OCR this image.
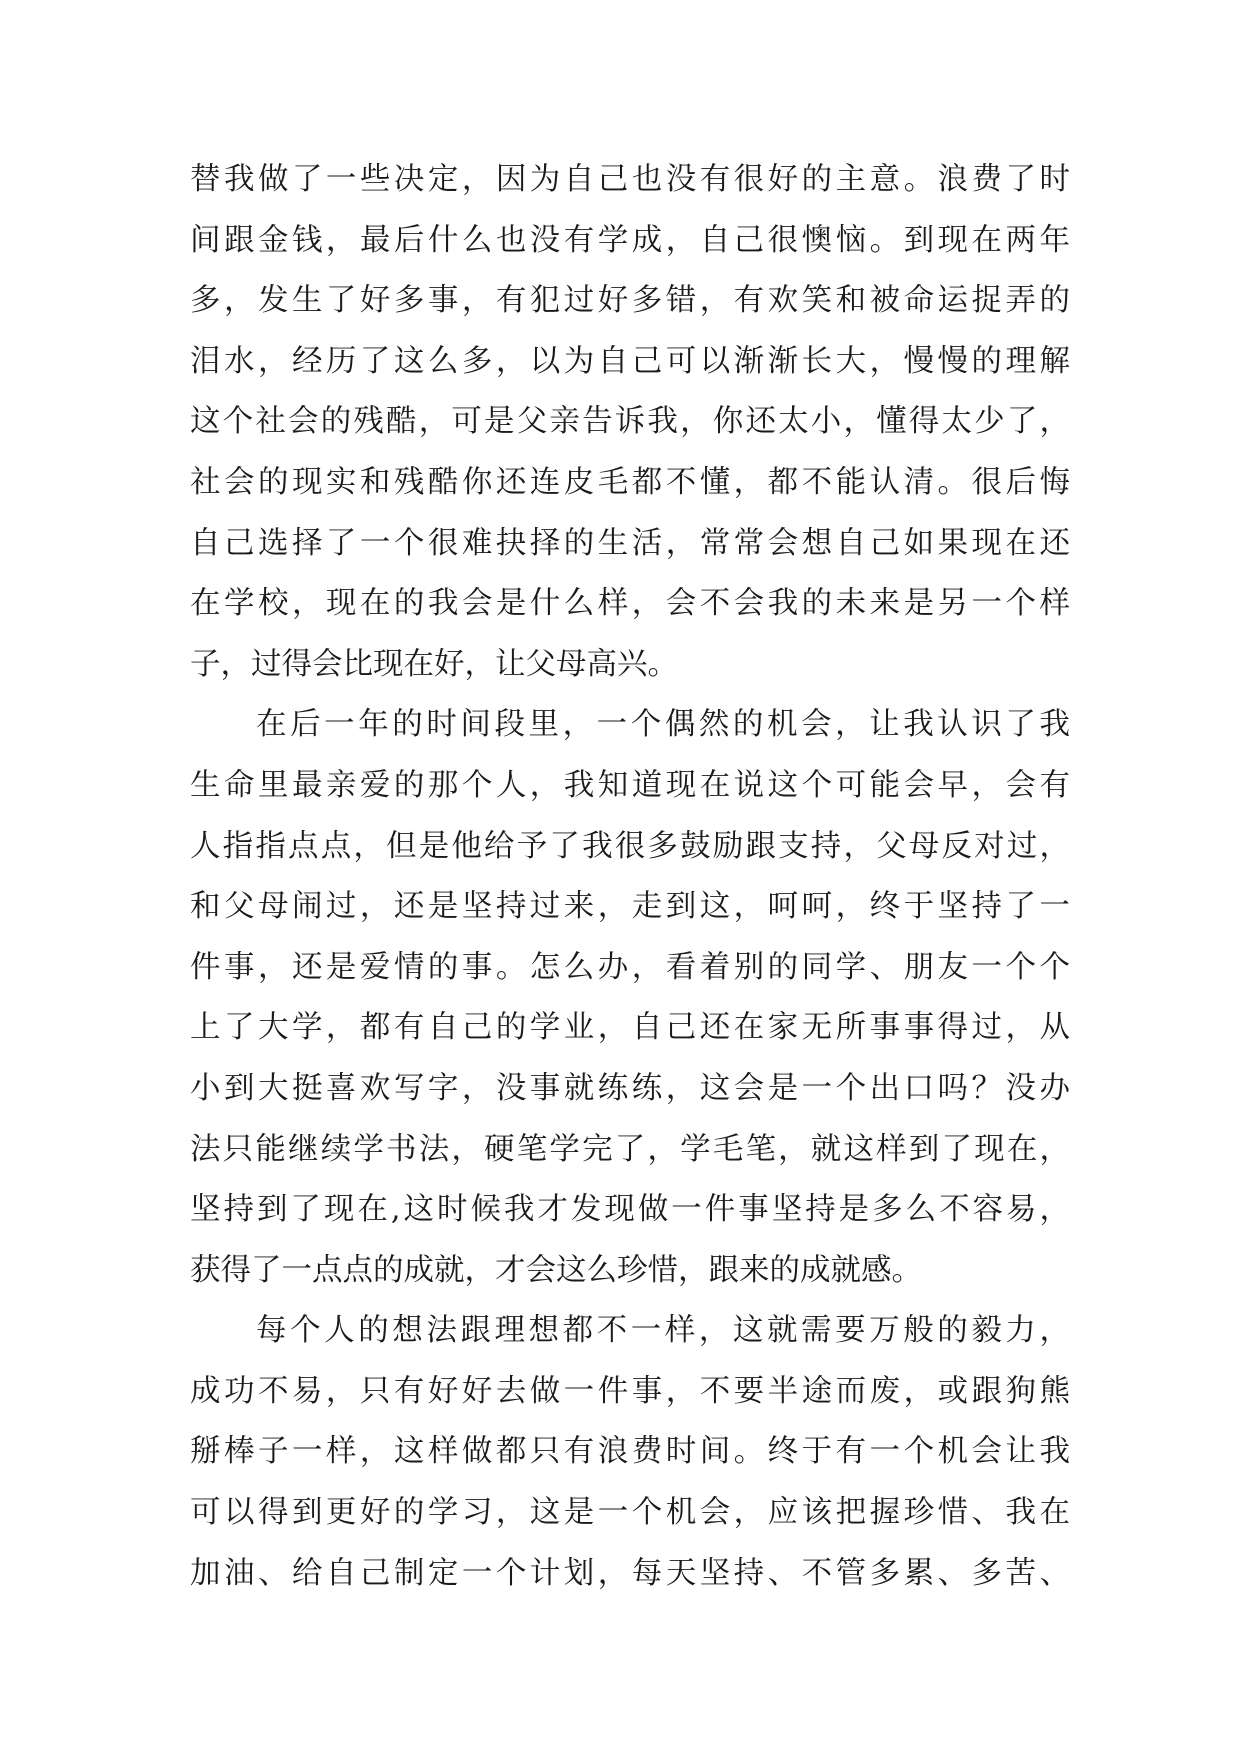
替我做了一些决定，因为自己也没有很好的主意。浪费了时
间跟金钱，最后什么也没有学成，自己很懊恼。到现在两年
多，发生了好多事，有犯过好多错，有欢笑和被命运捉弄的
泪水，经历了这么多，以为自己可以渐渐长大，慢慢的理解
这个社会的残酷，可是父亲告诉我，你还太小，懂得太少了，
社会的现实和残酷你还连皮毛都不懂，都不能认清。很后悔
自己选择了一个很难抉择的生活，常常会想自己如果现在还
在学校，现在的我会是什么样，会不会我的未来是另一个样
子，过得会比现在好，让父母高兴。
在后一年的时间段里，一个偶然的机会，让我认识了我
生命里最亲爱的那个人，我知道现在说这个可能会早，会有
人指指点点，但是他给予了我很多鼓励跟支持，父母反对过，
和父母闹过，还是坚持过来，走到这，呵呵，终于坚持了一
件事，还是爱情的事。怎么办，看着别的同学、朋友一个个
上了大学，都有自己的学业，自己还在家无所事事得过，从
小到大挺喜欢写字，没事就练练，这会是一个出口吗？没办
法只能继续学书法，硬笔学完了，学毛笔，就这样到了现在，
坚持到了现在,这时候我才发现做一件事坚持是多么不容易，
获得了一点点的成就，才会这么珍惜，跟来的成就感。
每个人的想法跟理想都不一样，这就需要万般的毅力，
成功不易，只有好好去做一件事，不要半途而废，或跟狗熊
掰棒子一样，这样做都只有浪费时间。终于有一个机会让我
可以得到更好的学习，这是一个机会，应该把握珍惜、我在
加油、给自己制定一个计划，每天坚持、不管多累、多苦、
